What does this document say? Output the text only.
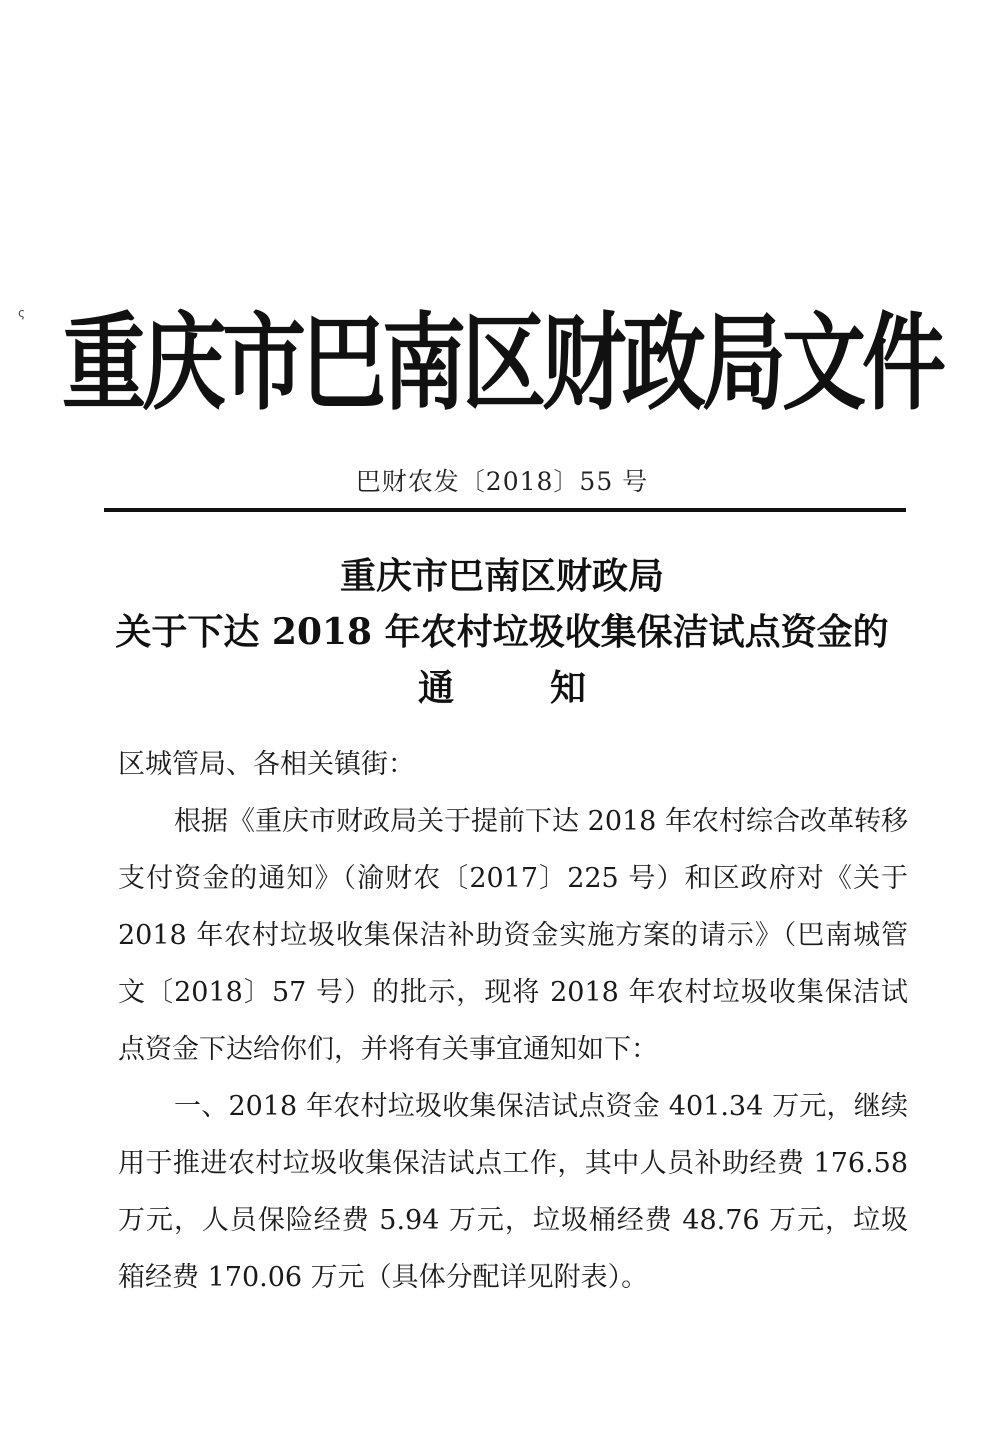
ς 重庆市巴南区财政局文件
巴财农发〔2018〕55 号
重庆市巴南区财政局
关于下达 2018 年农村垃圾收集保洁试点资金的
通	知

区城管局、各相关镇街：

根据《重庆市财政局关于提前下达 2018 年农村综合改革转移支付资金的通知》（渝财农〔2017〕225 号）和区政府对《关于 2018 年农村垃圾收集保洁补助资金实施方案的请示》（巴南城管文〔2018〕57 号）的批示，现将 2018 年农村垃圾收集保洁试点资金下达给你们，并将有关事宜通知如下：

一、2018 年农村垃圾收集保洁试点资金 401.34 万元，继续用于推进农村垃圾收集保洁试点工作，其中人员补助经费 176.58 万元，人员保险经费 5.94 万元，垃圾桶经费 48.76 万元，垃圾箱经费 170.06 万元（具体分配详见附表）。
